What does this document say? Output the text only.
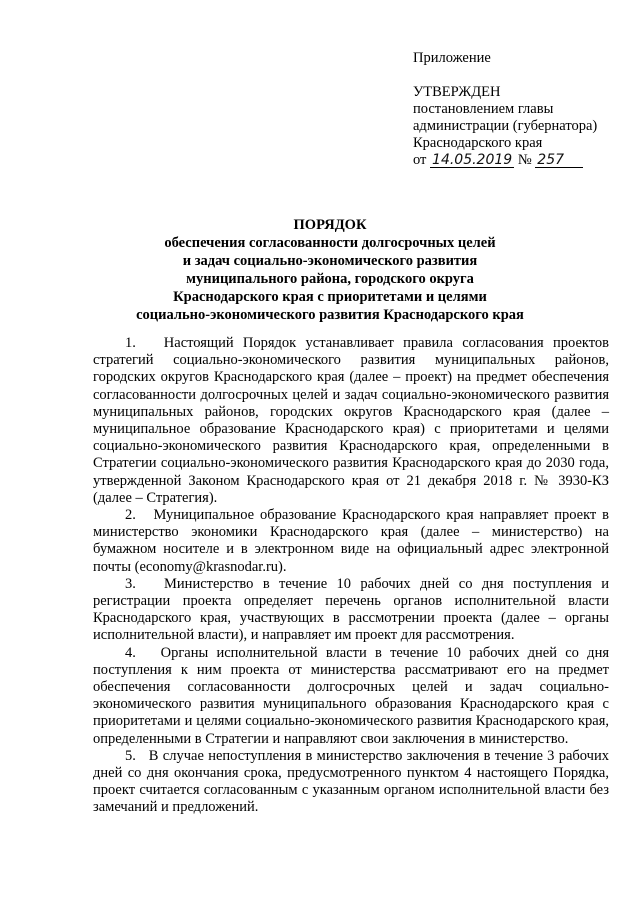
Приложение
УТВЕРЖДЕН
постановлением главы
администрации (губернатора)
Краснодарского края
от 14.05.2019 № 257
ПОРЯДОК
обеспечения согласованности долгосрочных целей
и задач социально-экономического развития
муниципального района, городского округа
Краснодарского края с приоритетами и целями
социально-экономического развития Краснодарского края

1.   Настоящий Порядок устанавливает правила согласования проектов стратегий социально-экономического развития муниципальных районов, городских округов Краснодарского края (далее – проект) на предмет обеспечения согласованности долгосрочных целей и задач социально-экономического развития муниципальных районов, городских округов Краснодарского края (далее – муниципальное образование Краснодарского края) с приоритетами и целями социально-экономического развития Краснодарского края, определенными в Стратегии социально-экономического развития Краснодарского края до 2030 года, утвержденной Законом Краснодарского края от 21 декабря 2018 г. № 3930-КЗ (далее – Стратегия).

2.   Муниципальное образование Краснодарского края направляет проект в министерство экономики Краснодарского края (далее – министерство) на бумажном носителе и в электронном виде на официальный адрес электронной почты (economy@krasnodar.ru).

3.   Министерство в течение 10 рабочих дней со дня поступления и регистрации проекта определяет перечень органов исполнительной власти Краснодарского края, участвующих в рассмотрении проекта (далее – органы исполнительной власти), и направляет им проект для рассмотрения.

4.   Органы исполнительной власти в течение 10 рабочих дней со дня поступления к ним проекта от министерства рассматривают его на предмет обеспечения согласованности долгосрочных целей и задач социально-экономического развития муниципального образования Краснодарского края с приоритетами и целями социально-экономического развития Краснодарского края, определенными в Стратегии и направляют свои заключения в министерство.

5.   В случае непоступления в министерство заключения в течение 3 рабочих дней со дня окончания срока, предусмотренного пунктом 4 настоящего Порядка, проект считается согласованным с указанным органом исполнительной власти без замечаний и предложений.
